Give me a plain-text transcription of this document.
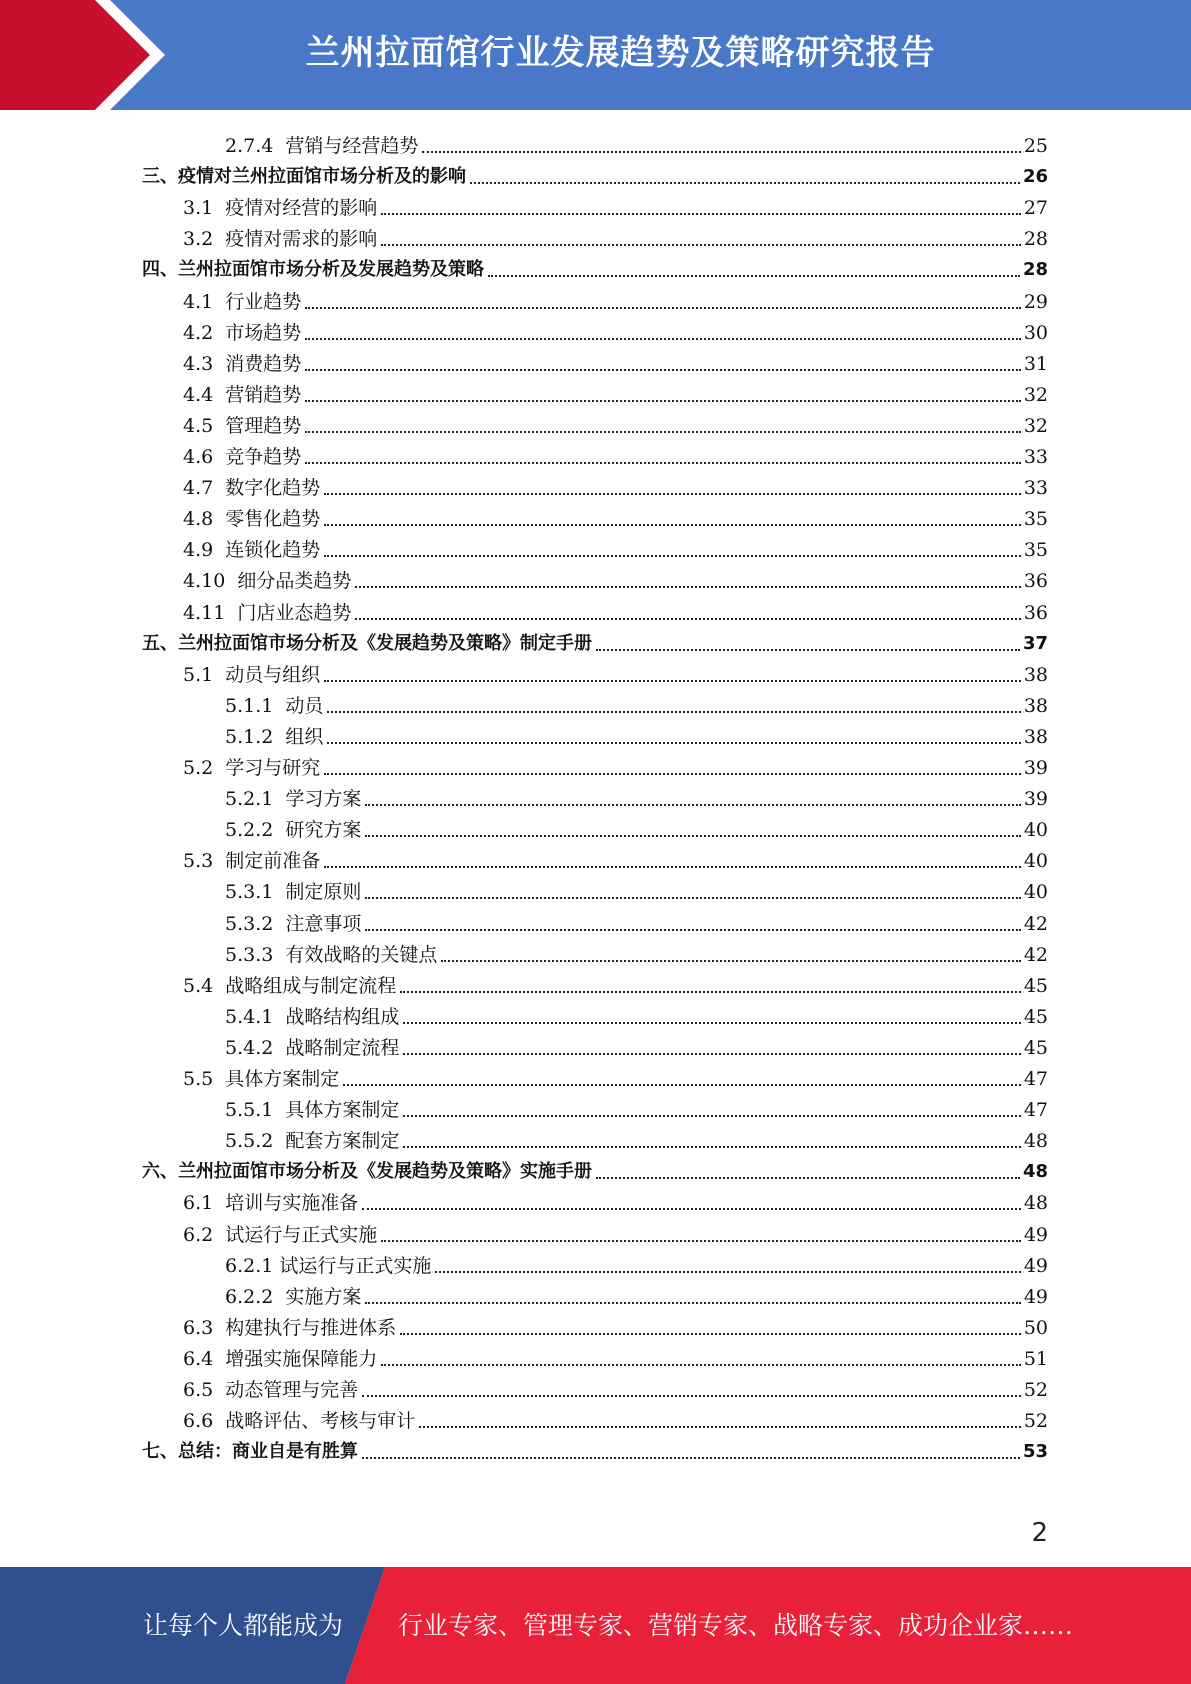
兰州拉面馆行业发展趋势及策略研究报告
2.7.4  营销与经营趋势	25
三、疫情对兰州拉面馆市场分析及的影响	26
3.1  疫情对经营的影响	27
3.2  疫情对需求的影响	28
四、兰州拉面馆市场分析及发展趋势及策略	28
4.1  行业趋势	29
4.2  市场趋势	30
4.3  消费趋势	31
4.4  营销趋势	32
4.5  管理趋势	32
4.6  竞争趋势	33
4.7  数字化趋势	33
4.8  零售化趋势	35
4.9  连锁化趋势	35
4.10  细分品类趋势	36
4.11  门店业态趋势	36
五、兰州拉面馆市场分析及《发展趋势及策略》制定手册	37
5.1  动员与组织	38
5.1.1  动员	38
5.1.2  组织	38
5.2  学习与研究	39
5.2.1  学习方案	39
5.2.2  研究方案	40
5.3  制定前准备	40
5.3.1  制定原则	40
5.3.2  注意事项	42
5.3.3  有效战略的关键点	42
5.4  战略组成与制定流程	45
5.4.1  战略结构组成	45
5.4.2  战略制定流程	45
5.5  具体方案制定	47
5.5.1  具体方案制定	47
5.5.2  配套方案制定	48
六、兰州拉面馆市场分析及《发展趋势及策略》实施手册	48
6.1  培训与实施准备	48
6.2  试运行与正式实施	49
6.2.1 试运行与正式实施	49
6.2.2  实施方案	49
6.3  构建执行与推进体系	50
6.4  增强实施保障能力	51
6.5  动态管理与完善	52
6.6  战略评估、考核与审计	52
七、总结：商业自是有胜算	53
2
让每个人都能成为 行业专家、管理专家、营销专家、战略专家、成功企业家……
